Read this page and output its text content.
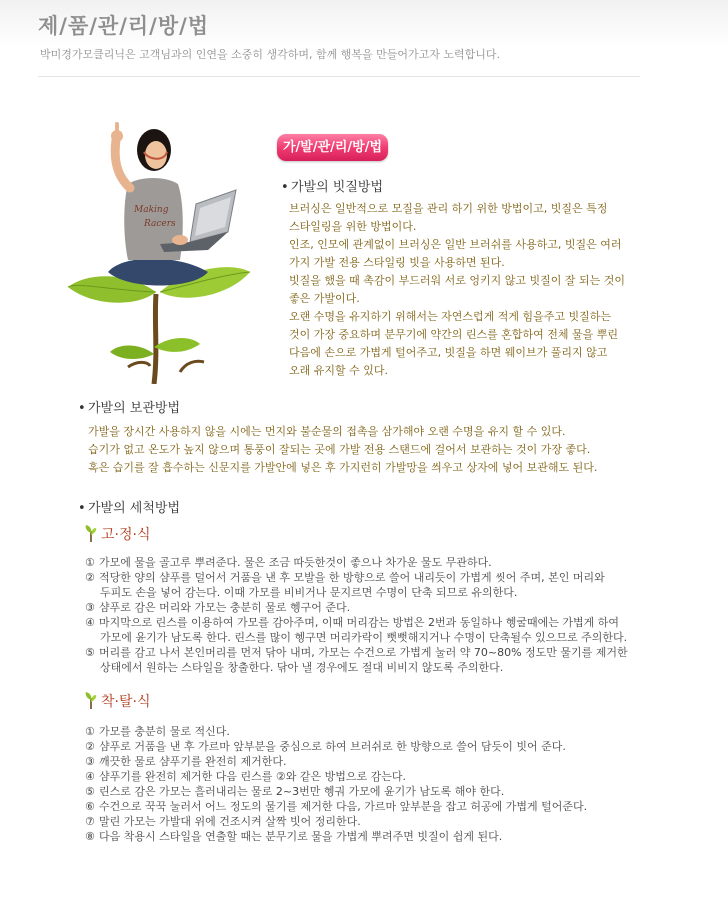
제/품/관/리/방/법
박미경가모클리닉은 고객님과의 인연을 소중히 생각하며, 함께 행복을 만들어가고자 노력합니다.
Making
Racers
가/발/관/리/방/법
• 가발의 빗질방법
브러싱은 일반적으로 모질을 관리 하기 위한 방법이고, 빗질은 특정
스타일링을 위한 방법이다.
인조, 인모에 관계없이 브러싱은 일반 브러쉬를 사용하고, 빗질은 여러
가지 가발 전용 스타일링 빗을 사용하면 된다.
빗질을 했을 때 촉감이 부드러워 서로 엉키지 않고 빗질이 잘 되는 것이
좋은 가발이다.
오랜 수명을 유지하기 위해서는 자연스럽게 적게 힘을주고 빗질하는
것이 가장 중요하며 분무기에 약간의 린스를 혼합하여 전체 물을 뿌린
다음에 손으로 가볍게 털어주고, 빗질을 하면 웨이브가 풀리지 않고
오래 유지할 수 있다.
• 가발의 보관방법
가발을 장시간 사용하지 않을 시에는 먼지와 불순물의 접촉을 삼가해야 오랜 수명을 유지 할 수 있다.
습기가 없고 온도가 높지 않으며 통풍이 잘되는 곳에 가발 전용 스탠드에 걸어서 보관하는 것이 가장 좋다.
혹은 습기를 잘 흡수하는 신문지를 가발안에 넣은 후 가지런히 가발망을 씌우고 상자에 넣어 보관해도 된다.
• 가발의 세척방법
고·정·식
① 가모에 물을 골고루 뿌려준다. 물은 조금 따듯한것이 좋으나 차가운 물도 무관하다.
② 적당한 양의 샴푸를 덜어서 거품을 낸 후 모발을 한 방향으로 쓸어 내리듯이 가볍게 씻어 주며, 본인 머리와
두피도 손을 넣어 감는다. 이때 가모를 비비거나 문지르면 수명이 단축 되므로 유의한다.
③ 샴푸로 감은 머리와 가모는 충분히 물로 헹구어 준다.
④ 마지막으로 린스를 이용하여 가모를 감아주며, 이때 머리감는 방법은 2번과 동일하나 헹굴때에는 가볍게 하여
가모에 윤기가 남도록 한다. 린스를 많이 헹구면 머리카락이 뻣뻣해지거나 수명이 단축될수 있으므로 주의한다.
⑤ 머리를 감고 나서 본인머리를 먼저 닦아 내며, 가모는 수건으로 가볍게 눌러 약 70~80% 정도만 물기를 제거한
상태에서 원하는 스타일을 창출한다. 닦아 낼 경우에도 절대 비비지 않도록 주의한다.
착·탈·식
① 가모를 충분히 물로 적신다.
② 샴푸로 거품을 낸 후 가르마 앞부분을 중심으로 하여 브러쉬로 한 방향으로 쓸어 담듯이 빗어 준다.
③ 깨끗한 물로 샴푸기를 완전히 제거한다.
④ 샴푸기를 완전히 제거한 다음 린스를 ②와 같은 방법으로 감는다.
⑤ 린스로 감은 가모는 흘러내리는 물로 2~3번만 헹궈 가모에 윤기가 남도록 해야 한다.
⑥ 수건으로 꾹꾹 눌러서 어느 정도의 물기를 제거한 다음, 가르마 앞부분을 잡고 허공에 가볍게 털어준다.
⑦ 말린 가모는 가발대 위에 건조시켜 살짝 빗어 정리한다.
⑧ 다음 착용시 스타일을 연출할 때는 분무기로 물을 가볍게 뿌려주면 빗질이 쉽게 된다.
